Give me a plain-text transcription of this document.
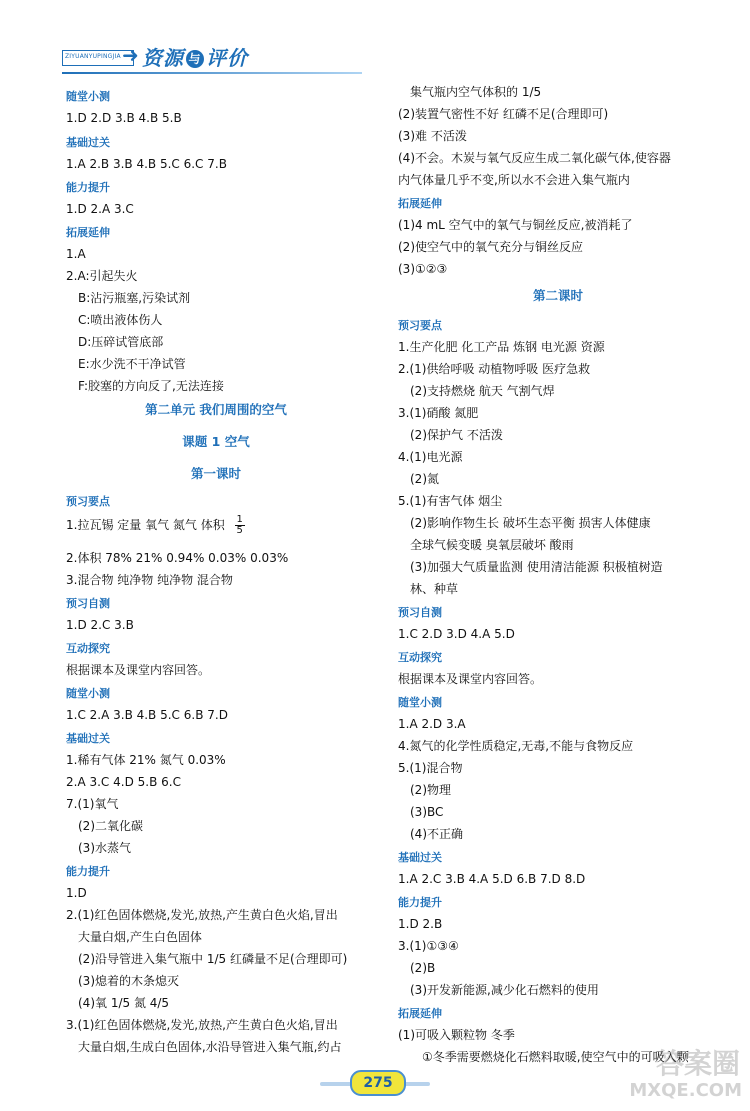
ZIYUANYUPINGJIA ➜ 资源 与 评价
1.拉瓦锡 定量 氧气 氮气 体积 $\frac{1}{5}$
2.体积 78% 21% 0.94% 0.03% 0.03%
随堂小测
1.D 2.D 3.B 4.B 5.B
基础过关
1.A 2.B 3.B 4.B 5.C 6.C 7.B
能力提升
1.D 2.A 3.C
拓展延伸
1.A
2.A:引起失火
B:沾污瓶塞,污染试剂
C:喷出液体伤人
D:压碎试管底部
E:水少洗不干净试管
F:胶塞的方向反了,无法连接
第二单元 我们周围的空气
课题 1 空气
第一课时
预习要点
3.混合物 纯净物 纯净物 混合物
预习自测
1.D 2.C 3.B
互动探究
根据课本及课堂内容回答。
随堂小测
1.C 2.A 3.B 4.B 5.C 6.B 7.D
基础过关
1.稀有气体 21% 氮气 0.03%
2.A 3.C 4.D 5.B 6.C
7.(1)氧气
(2)二氧化碳
(3)水蒸气
能力提升
1.D
2.(1)红色固体燃烧,发光,放热,产生黄白色火焰,冒出
大量白烟,产生白色固体
(2)沿导管进入集气瓶中 1/5 红磷量不足(合理即可)
(3)熄着的木条熄灭
(4)氧 1/5 氮 4/5
3.(1)红色固体燃烧,发光,放热,产生黄白色火焰,冒出
大量白烟,生成白色固体,水沿导管进入集气瓶,约占
集气瓶内空气体积的 1/5
(2)装置气密性不好 红磷不足(合理即可)
(3)难 不活泼
(4)不会。木炭与氧气反应生成二氧化碳气体,使容器
内气体量几乎不变,所以水不会进入集气瓶内
拓展延伸
(1)4 mL 空气中的氧气与铜丝反应,被消耗了
(2)使空气中的氧气充分与铜丝反应
(3)①②③
第二课时
预习要点
1.生产化肥 化工产品 炼钢 电光源 资源
2.(1)供给呼吸 动植物呼吸 医疗急救
(2)支持燃烧 航天 气割气焊
3.(1)硝酸 氮肥
(2)保护气 不活泼
4.(1)电光源
(2)氮
5.(1)有害气体 烟尘
(2)影响作物生长 破坏生态平衡 损害人体健康
全球气候变暖 臭氧层破坏 酸雨
(3)加强大气质量监测 使用清洁能源 积极植树造
林、种草
预习自测
1.C 2.D 3.D 4.A 5.D
互动探究
根据课本及课堂内容回答。
随堂小测
1.A 2.D 3.A
4.氮气的化学性质稳定,无毒,不能与食物反应
5.(1)混合物
(2)物理
(3)BC
(4)不正确
基础过关
1.A 2.C 3.B 4.A 5.D 6.B 7.D 8.D
能力提升
1.D 2.B
3.(1)①③④
(2)B
(3)开发新能源,减少化石燃料的使用
拓展延伸
(1)可吸入颗粒物 冬季
①冬季需要燃烧化石燃料取暖,使空气中的可吸入颗
275
答案圈
MXQE.COM
